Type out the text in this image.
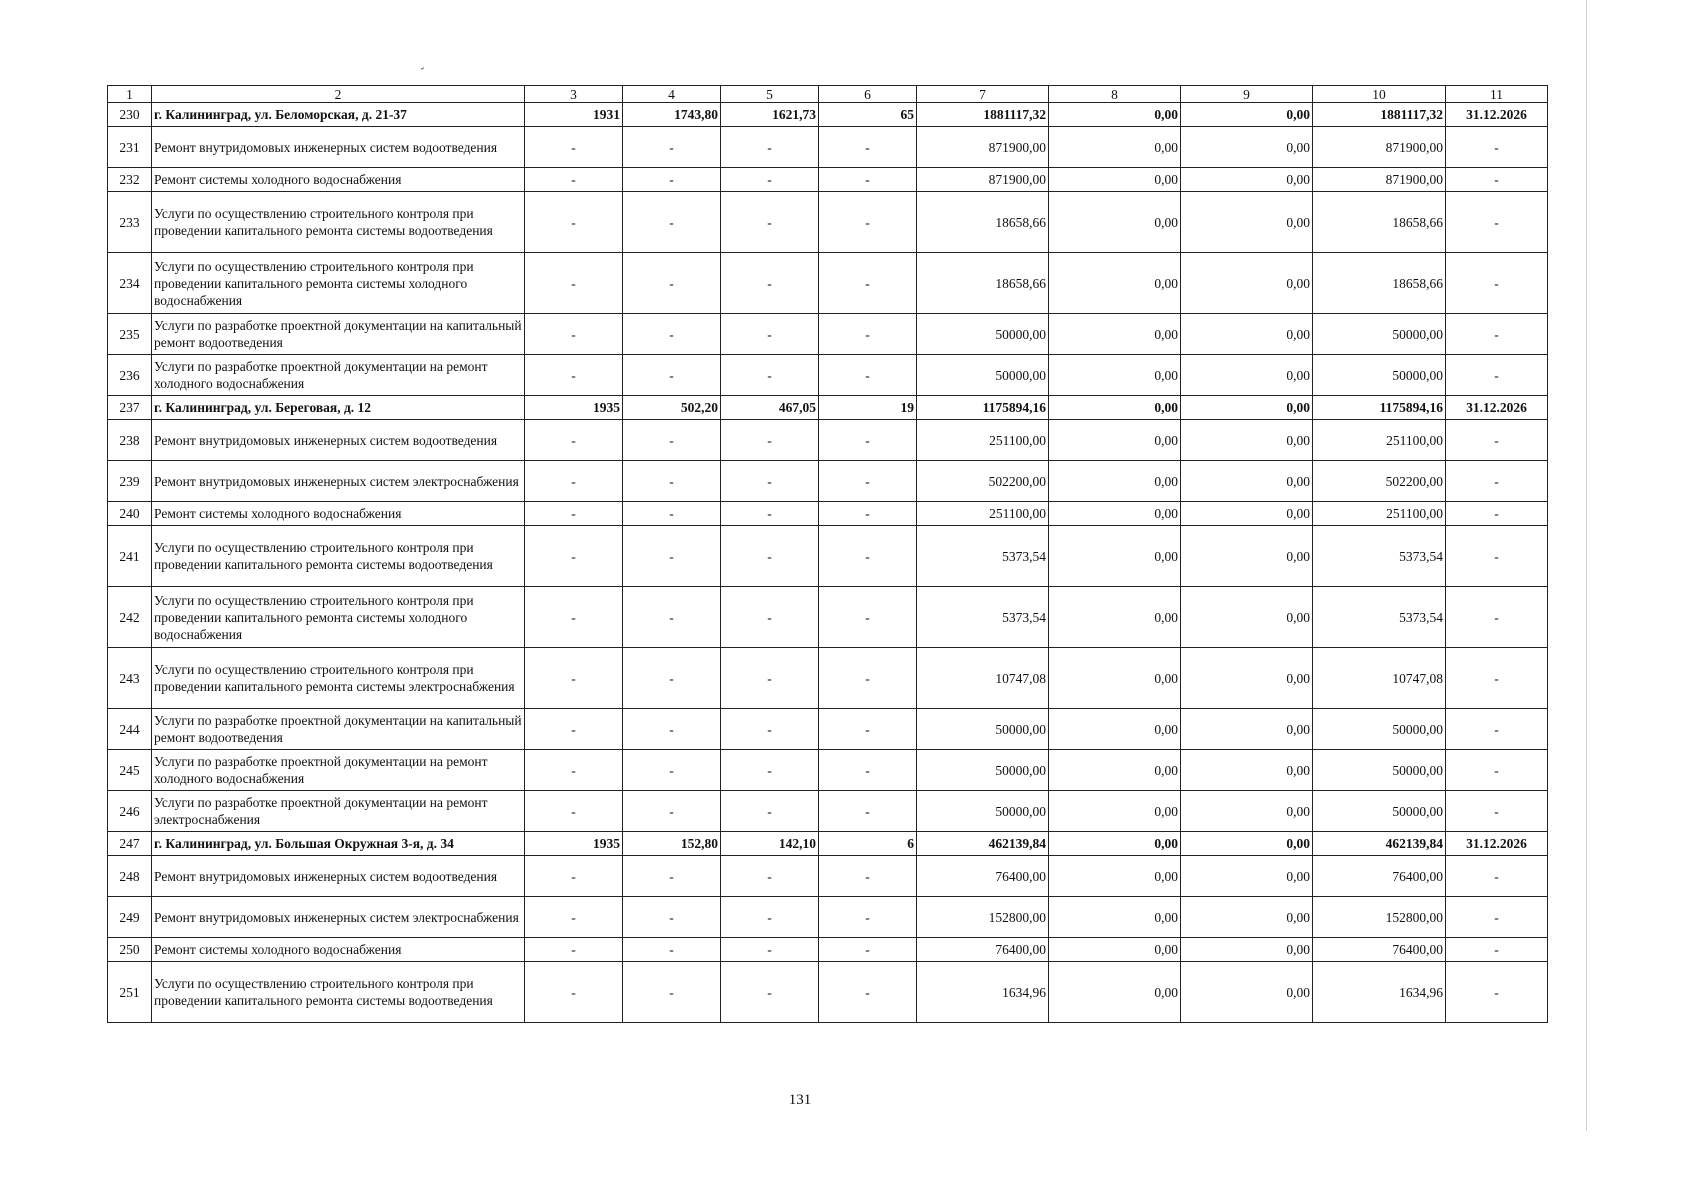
1	2	3	4	5	6	7	8	9	10	11
230	г. Калининград, ул. Беломорская, д. 21-37	1931	1743,80	1621,73	65	1881117,32	0,00	0,00	1881117,32	31.12.2026
231	Ремонт внутридомовых инженерных систем водоотведения	-	-	-	-	871900,00	0,00	0,00	871900,00	-
232	Ремонт системы холодного водоснабжения	-	-	-	-	871900,00	0,00	0,00	871900,00	-
233	Услуги по осуществлению строительного контроля при проведении капитального ремонта системы водоотведения	-	-	-	-	18658,66	0,00	0,00	18658,66	-
234	Услуги по осуществлению строительного контроля при проведении капитального ремонта системы холодного водоснабжения	-	-	-	-	18658,66	0,00	0,00	18658,66	-
235	Услуги по разработке проектной документации на капитальный ремонт водоотведения	-	-	-	-	50000,00	0,00	0,00	50000,00	-
236	Услуги по разработке проектной документации на ремонт холодного водоснабжения	-	-	-	-	50000,00	0,00	0,00	50000,00	-
237	г. Калининград, ул. Береговая, д. 12	1935	502,20	467,05	19	1175894,16	0,00	0,00	1175894,16	31.12.2026
238	Ремонт внутридомовых инженерных систем водоотведения	-	-	-	-	251100,00	0,00	0,00	251100,00	-
239	Ремонт внутридомовых инженерных систем электроснабжения	-	-	-	-	502200,00	0,00	0,00	502200,00	-
240	Ремонт системы холодного водоснабжения	-	-	-	-	251100,00	0,00	0,00	251100,00	-
241	Услуги по осуществлению строительного контроля при проведении капитального ремонта системы водоотведения	-	-	-	-	5373,54	0,00	0,00	5373,54	-
242	Услуги по осуществлению строительного контроля при проведении капитального ремонта системы холодного водоснабжения	-	-	-	-	5373,54	0,00	0,00	5373,54	-
243	Услуги по осуществлению строительного контроля при проведении капитального ремонта системы электроснабжения	-	-	-	-	10747,08	0,00	0,00	10747,08	-
244	Услуги по разработке проектной документации на капитальный ремонт водоотведения	-	-	-	-	50000,00	0,00	0,00	50000,00	-
245	Услуги по разработке проектной документации на ремонт холодного водоснабжения	-	-	-	-	50000,00	0,00	0,00	50000,00	-
246	Услуги по разработке проектной документации на ремонт электроснабжения	-	-	-	-	50000,00	0,00	0,00	50000,00	-
247	г. Калининград, ул. Большая Окружная 3-я, д. 34	1935	152,80	142,10	6	462139,84	0,00	0,00	462139,84	31.12.2026
248	Ремонт внутридомовых инженерных систем водоотведения	-	-	-	-	76400,00	0,00	0,00	76400,00	-
249	Ремонт внутридомовых инженерных систем электроснабжения	-	-	-	-	152800,00	0,00	0,00	152800,00	-
250	Ремонт системы холодного водоснабжения	-	-	-	-	76400,00	0,00	0,00	76400,00	-
251	Услуги по осуществлению строительного контроля при проведении капитального ремонта системы водоотведения	-	-	-	-	1634,96	0,00	0,00	1634,96	-
131
